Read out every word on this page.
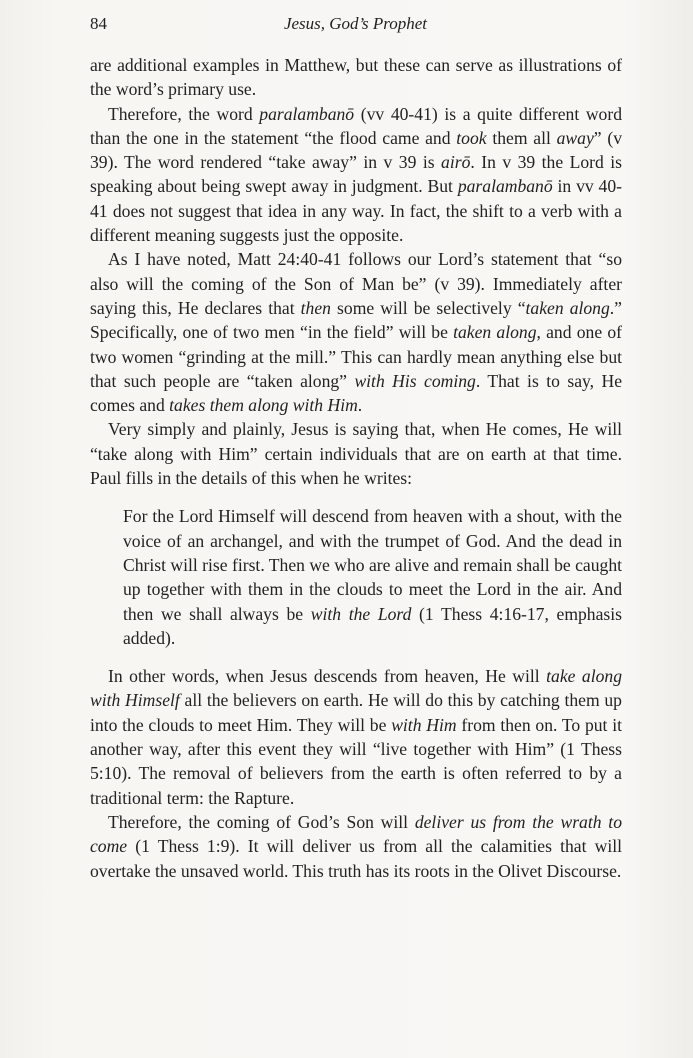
84	Jesus, God’s Prophet

are additional examples in Matthew, but these can serve as illustrations of the word’s primary use.

Therefore, the word paralambanō (vv 40-41) is a quite different word than the one in the statement “the flood came and took them all away” (v 39). The word rendered “take away” in v 39 is airō. In v 39 the Lord is speaking about being swept away in judgment. But paralambanō in vv 40-41 does not suggest that idea in any way. In fact, the shift to a verb with a different meaning suggests just the opposite.

As I have noted, Matt 24:40-41 follows our Lord’s statement that “so also will the coming of the Son of Man be” (v 39). Immediately after saying this, He declares that then some will be selectively “taken along.” Specifically, one of two men “in the field” will be taken along, and one of two women “grinding at the mill.” This can hardly mean anything else but that such people are “taken along” with His coming. That is to say, He comes and takes them along with Him.

Very simply and plainly, Jesus is saying that, when He comes, He will “take along with Him” certain individuals that are on earth at that time. Paul fills in the details of this when he writes:

For the Lord Himself will descend from heaven with a shout, with the voice of an archangel, and with the trumpet of God. And the dead in Christ will rise first. Then we who are alive and remain shall be caught up together with them in the clouds to meet the Lord in the air. And then we shall always be with the Lord (1 Thess 4:16-17, emphasis added).

In other words, when Jesus descends from heaven, He will take along with Himself all the believers on earth. He will do this by catching them up into the clouds to meet Him. They will be with Him from then on. To put it another way, after this event they will “live together with Him” (1 Thess 5:10). The removal of believers from the earth is often referred to by a traditional term: the Rapture.

Therefore, the coming of God’s Son will deliver us from the wrath to come (1 Thess 1:9). It will deliver us from all the calamities that will overtake the unsaved world. This truth has its roots in the Olivet Discourse.
